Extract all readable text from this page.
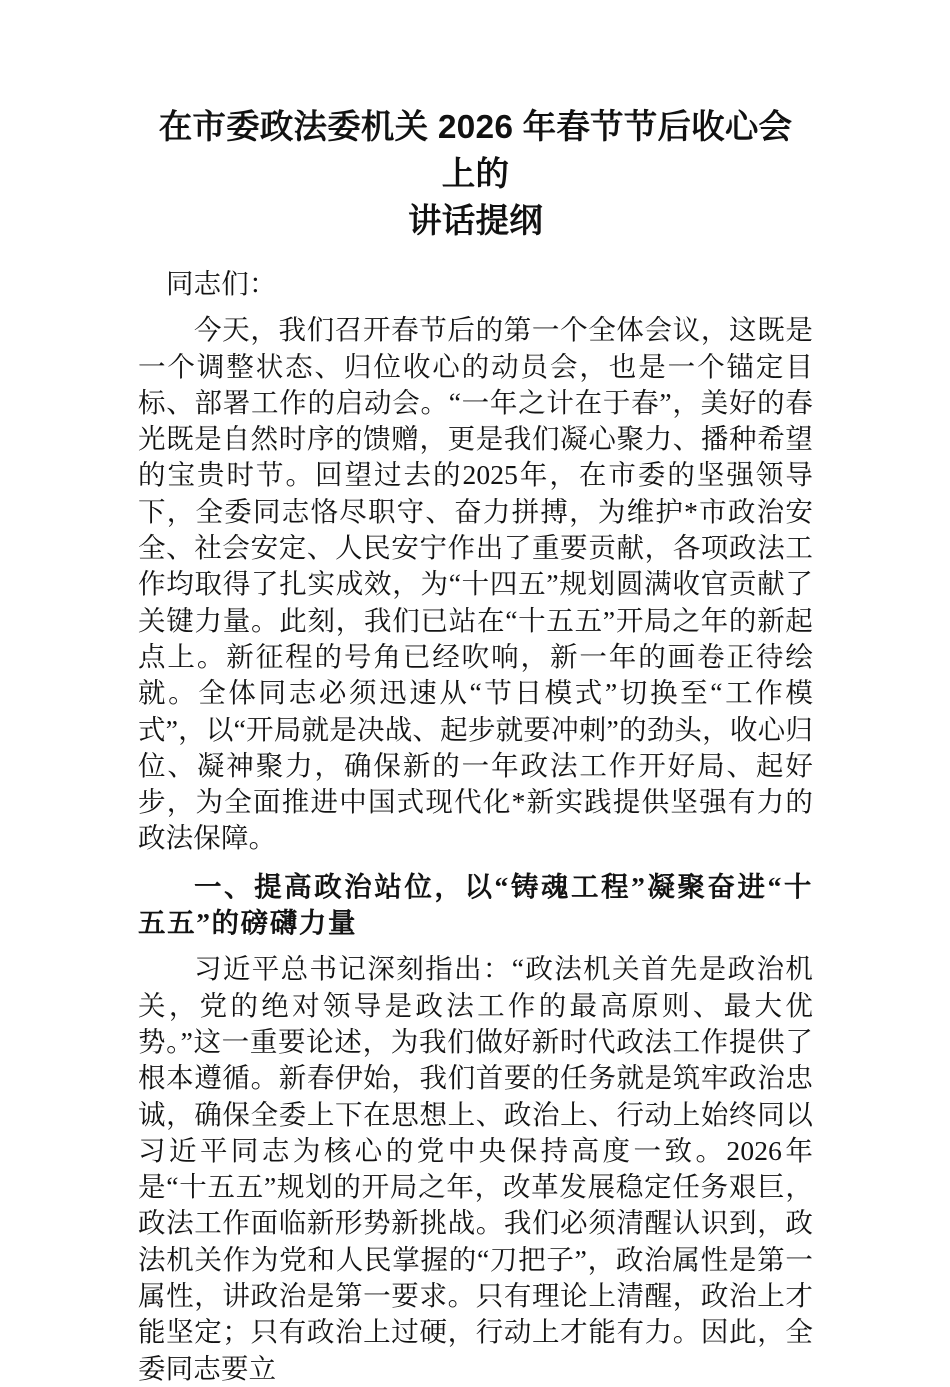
在市委政法委机关 2026 年春节节后收心会上的
讲话提纲

同志们：

今天，我们召开春节后的第一个全体会议，这既是一个调整状态、归位收心的动员会，也是一个锚定目标、部署工作的启动会。“一年之计在于春”，美好的春光既是自然时序的馈赠，更是我们凝心聚力、播种希望的宝贵时节。回望过去的2025年，在市委的坚强领导下，全委同志恪尽职守、奋力拼搏，为维护*市政治安全、社会安定、人民安宁作出了重要贡献，各项政法工作均取得了扎实成效，为“十四五”规划圆满收官贡献了关键力量。此刻，我们已站在“十五五”开局之年的新起点上。新征程的号角已经吹响，新一年的画卷正待绘就。全体同志必须迅速从“节日模式”切换至“工作模式”，以“开局就是决战、起步就要冲刺”的劲头，收心归位、凝神聚力，确保新的一年政法工作开好局、起好步，为全面推进中国式现代化*新实践提供坚强有力的政法保障。

一、提高政治站位，以“铸魂工程”凝聚奋进“十五五”的磅礴力量

习近平总书记深刻指出：“政法机关首先是政治机关，党的绝对领导是政法工作的最高原则、最大优势。”这一重要论述，为我们做好新时代政法工作提供了根本遵循。新春伊始，我们首要的任务就是筑牢政治忠诚，确保全委上下在思想上、政治上、行动上始终同以习近平同志为核心的党中央保持高度一致。2026年是“十五五”规划的开局之年，改革发展稳定任务艰巨，政法工作面临新形势新挑战。我们必须清醒认识到，政法机关作为党和人民掌握的“刀把子”，政治属性是第一属性，讲政治是第一要求。只有理论上清醒，政治上才能坚定；只有政治上过硬，行动上才能有力。因此，全委同志要立
